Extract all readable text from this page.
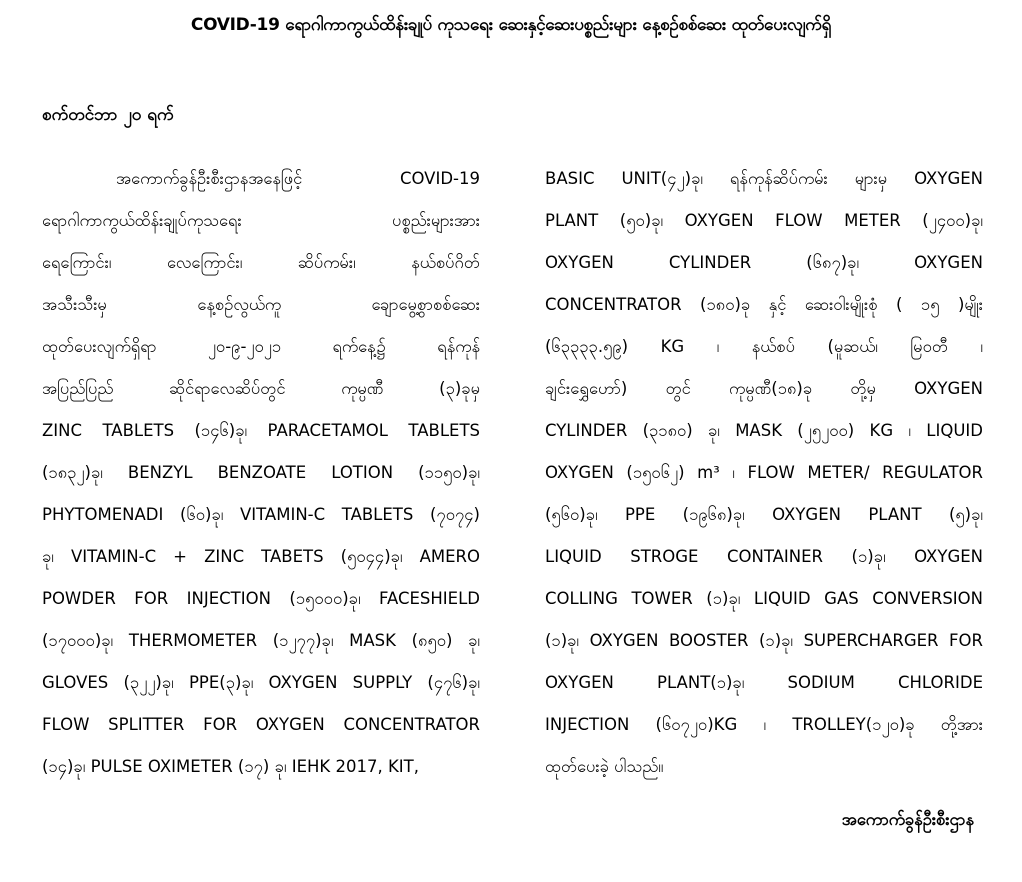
COVID-19 ရောဂါကာကွယ်ထိန်းချုပ် ကုသရေး ဆေးနှင့်ဆေးပစ္စည်းများ နေ့စဉ်စစ်ဆေး ထုတ်ပေးလျက်ရှိ
စက်တင်ဘာ ၂၀ ရက်
အကောက်ခွန်ဦးစီးဌာနအနေဖြင့် COVID-19
ရောဂါကာကွယ်ထိန်းချုပ်ကုသရေး ပစ္စည်းများအား
ရေကြောင်း၊ လေကြောင်း၊ ဆိပ်ကမ်း၊ နယ်စပ်ဂိတ်
အသီးသီးမှ နေ့စဉ်လွယ်ကူ ချောမွေ့စွာစစ်ဆေး
ထုတ်ပေးလျက်ရှိရာ ၂၀-၉-၂၀၂၁ ရက်နေ့၌ ရန်ကုန်
အပြည်ပြည် ဆိုင်ရာလေဆိပ်တွင် ကုမ္ပဏီ (၃)ခုမှ
ZINC TABLETS (၁၄၆)ခု၊ PARACETAMOL TABLETS
(၁၈၃၂)ခု၊ BENZYL BENZOATE LOTION (၁၁၅၀)ခု၊
PHYTOMENADI (၆၀)ခု၊ VITAMIN-C TABLETS (၇၀၇၄)
ခု၊ VITAMIN-C + ZINC TABETS (၅၀၄၄)ခု၊ AMERO
POWDER FOR INJECTION (၁၅၀၀၀)ခု၊ FACESHIELD
(၁၇၀၀၀)ခု၊ THERMOMETER (၁၂၇၇)ခု၊ MASK (၈၅၀) ခု၊
GLOVES (၃၂၂)ခု၊ PPE(၃)ခု၊ OXYGEN SUPPLY (၄၇၆)ခု၊
FLOW SPLITTER FOR OXYGEN CONCENTRATOR
(၁၄)ခု၊ PULSE OXIMETER (၁၇) ခု၊ IEHK 2017, KIT,
BASIC UNIT(၄၂)ခု၊ ရန်ကုန်ဆိပ်ကမ်း များမှ OXYGEN
PLANT (၅၀)ခု၊ OXYGEN FLOW METER (၂၄၀၀)ခု၊
OXYGEN CYLINDER (၆၈၇)ခု၊ OXYGEN
CONCENTRATOR (၁၈၀)ခု နှင့် ဆေးဝါးမျိုးစုံ ( ၁၅ )မျိုး
(၆၃၃၃၃.၅၉) KG ၊ နယ်စပ် (မူဆယ်၊ မြဝတီ ၊
ချင်းရွှေဟော်) တွင် ကုမ္ပဏီ(၁၈)ခု တို့မှ OXYGEN
CYLINDER (၃၁၈၀) ခု၊ MASK (၂၅၂၀၀) KG ၊ LIQUID
OXYGEN (၁၅၀၆၂) m³ ၊ FLOW METER/ REGULATOR
(၅၆၀)ခု၊ PPE (၁၉၆၈)ခု၊ OXYGEN PLANT (၅)ခု၊
LIQUID STROGE CONTAINER (၁)ခု၊ OXYGEN
COLLING TOWER (၁)ခု၊ LIQUID GAS CONVERSION
(၁)ခု၊ OXYGEN BOOSTER (၁)ခု၊ SUPERCHARGER FOR
OXYGEN PLANT(၁)ခု၊ SODIUM CHLORIDE
INJECTION (၆၀၇၂၀)KG ၊ TROLLEY(၁၂၀)ခု တို့အား
ထုတ်ပေးခဲ့ ပါသည်။
အကောက်ခွန်ဦးစီးဌာန
